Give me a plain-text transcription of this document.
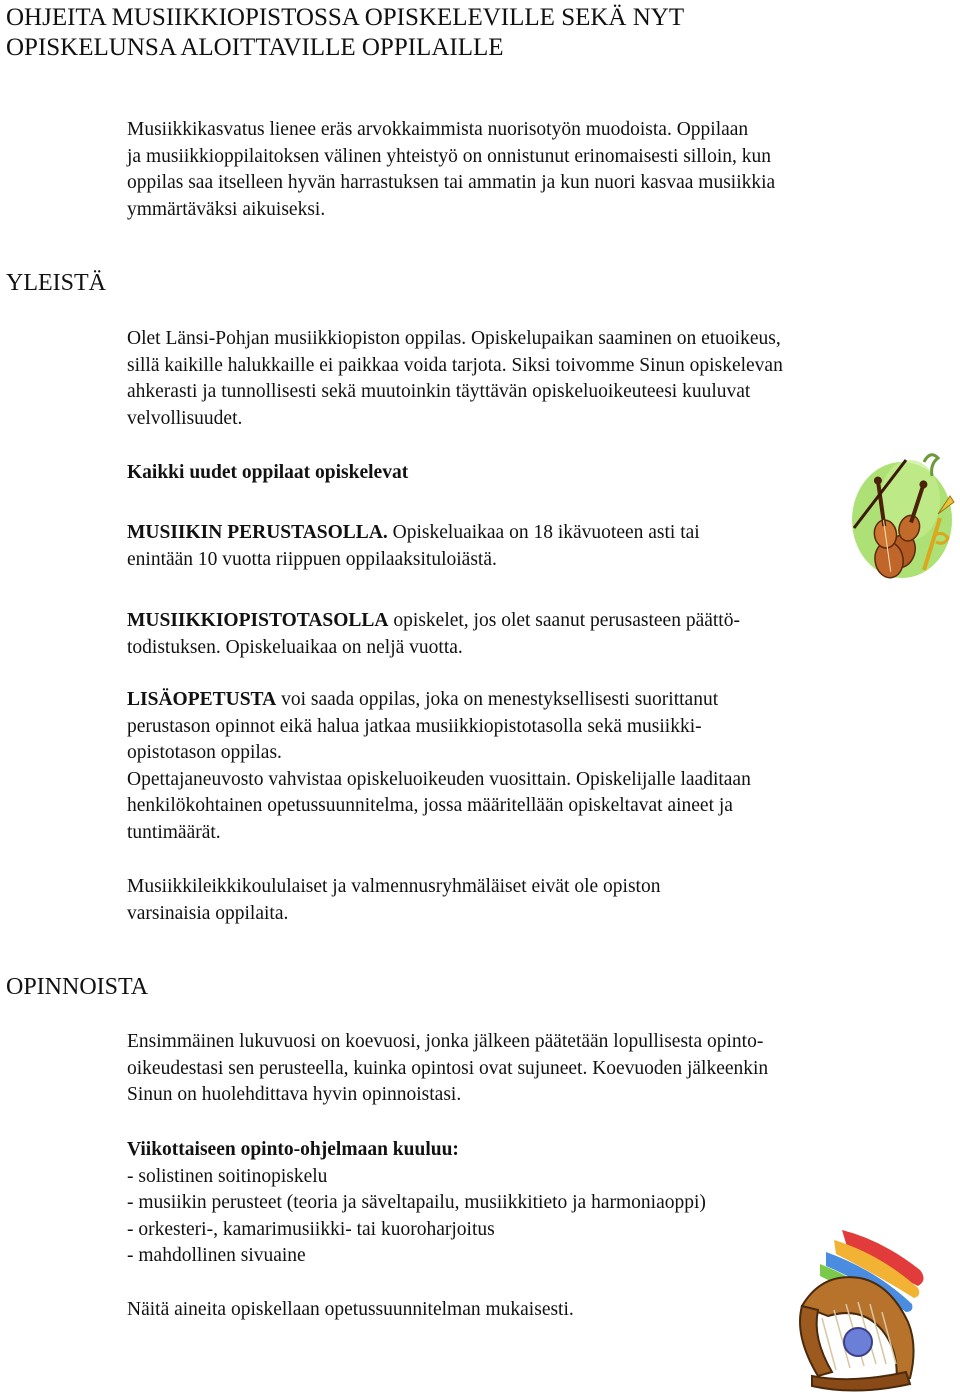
OHJEITA MUSIIKKIOPISTOSSA OPISKELEVILLE SEKÄ NYT
OPISKELUNSA ALOITTAVILLE OPPILAILLE

Musiikkikasvatus lienee eräs arvokkaimmista nuorisotyön muodoista. Oppilaan

ja musiikkioppilaitoksen välinen yhteistyö on onnistunut erinomaisesti silloin, kun

oppilas saa itselleen hyvän harrastuksen tai ammatin ja kun nuori kasvaa musiikkia

ymmärtäväksi aikuiseksi.

YLEISTÄ

Olet Länsi-Pohjan musiikkiopiston oppilas. Opiskelupaikan saaminen on etuoikeus,

sillä kaikille halukkaille ei paikkaa voida tarjota. Siksi toivomme Sinun opiskelevan

ahkerasti ja tunnollisesti sekä muutoinkin täyttävän opiskeluoikeuteesi kuuluvat

velvollisuudet.

Kaikki uudet oppilaat opiskelevat

MUSIIKIN PERUSTASOLLA. Opiskeluaikaa on 18 ikävuoteen asti tai

enintään 10 vuotta riippuen oppilaaksituloiästä.

MUSIIKKIOPISTOTASOLLA opiskelet, jos olet saanut perusasteen päättö-

todistuksen. Opiskeluaikaa on neljä vuotta.

LISÄOPETUSTA voi saada oppilas, joka on menestyksellisesti suorittanut

perustason opinnot eikä halua jatkaa musiikkiopistotasolla sekä musiikki-

opistotason oppilas.

Opettajaneuvosto vahvistaa opiskeluoikeuden vuosittain. Opiskelijalle laaditaan

henkilökohtainen opetussuunnitelma, jossa määritellään opiskeltavat aineet ja

tuntimäärät.

Musiikkileikkikoululaiset ja valmennusryhmäläiset eivät ole opiston

varsinaisia oppilaita.

OPINNOISTA

Ensimmäinen lukuvuosi on koevuosi, jonka jälkeen päätetään lopullisesta opinto-

oikeudestasi sen perusteella, kuinka opintosi ovat sujuneet. Koevuoden jälkeenkin

Sinun on huolehdittava hyvin opinnoistasi.

Viikottaiseen opinto-ohjelmaan kuuluu:

- solistinen soitinopiskelu

- musiikin perusteet (teoria ja säveltapailu, musiikkitieto ja harmoniaoppi)

- orkesteri-, kamarimusiikki- tai kuoroharjoitus

- mahdollinen sivuaine

Näitä aineita opiskellaan opetussuunnitelman mukaisesti.
